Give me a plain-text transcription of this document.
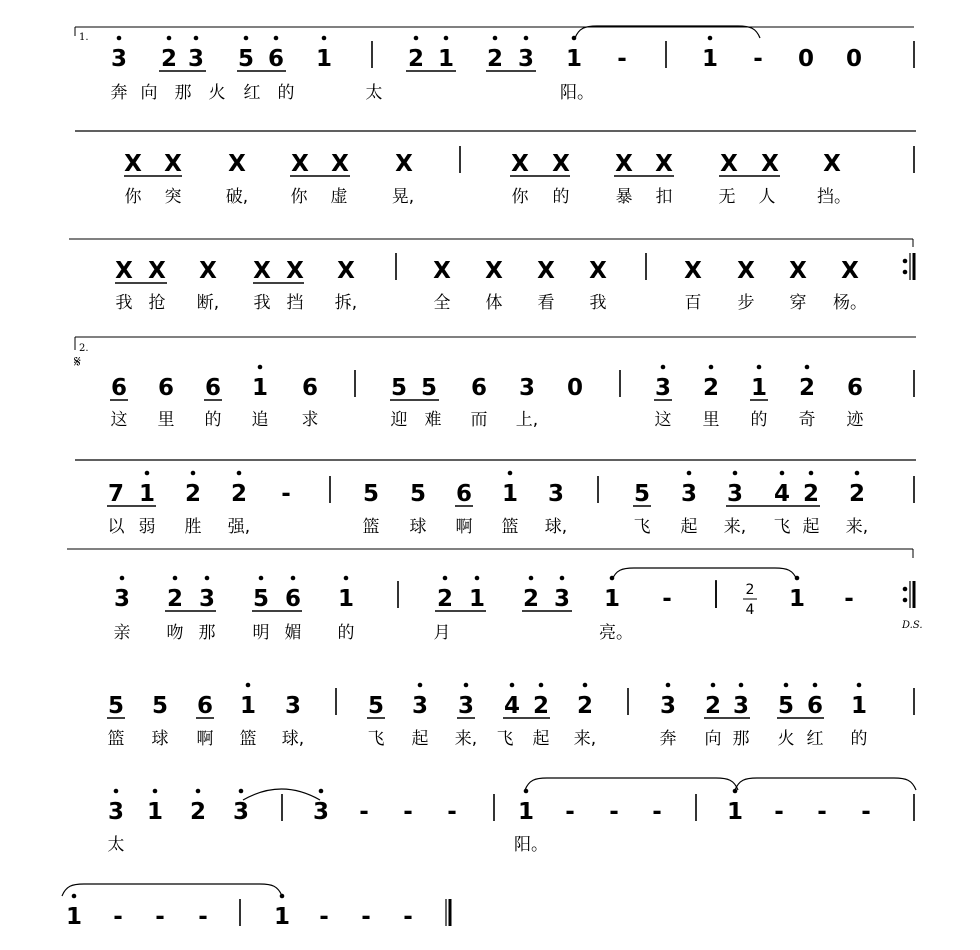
1.
2.
𝄋
3 2 3 5 6 1	2 1 2 3 1 -	1 - 0 0
奔 向 那 火 红 的	太	阳。
X X X X X X	X X X X X X X
你 突	破, 你 虚	晃,	你 的	暴 扣	无 人 挡。
X X X X X X	X X X X	X X X X
我 抢 断, 我 挡 拆,	全 体 看 我	百 步 穿 杨。
6 6 6 1 6	5 5 6 3 0	3 2 1 2 6
这 里 的 追 求	迎 难 而 上,	这 里 的 奇 迹
7 1 2 2 -	5 5 6 1 3	5 3 3 4 2 2
以 弱 胜 强,	篮 球 啊 篮 球,	飞 起 来, 飞 起 来,
3 2 3 5 6 1	2 1 2 3 1 -	1 -
亲 吻 那 明 媚 的	月	亮。
5 5 6 1 3	5 3 3 4 2 2	3 2 3 5 6 1
篮 球 啊 篮 球,	飞 起 来, 飞 起 来,	奔 向 那 火 红 的
3 1 2 3	3 - - -	1 - - -	1 - - -
太	阳。
1 - - -	1 - - -
2
4
D.S.
